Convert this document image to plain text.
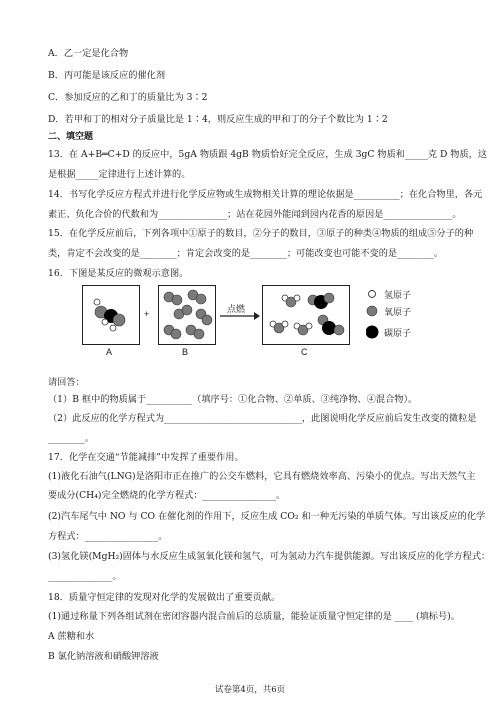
A．乙一定是化合物
B．丙可能是该反应的催化剂
C．参加反应的乙和丁的质量比为 3∶2
D．若甲和丁的相对分子质量比是 1∶4，则反应生成的甲和丁的分子个数比为 1∶2
二、填空题
13．在 A+B═C+D 的反应中，5gA 物质跟 4gB 物质恰好完全反应，生成 3gC 物质和_____克 D 物质，这
是根据_____定律进行上述计算的。
14．书写化学反应方程式并进行化学反应物或生成物相关计算的理论依据是__________；在化合物里，各元
素正、负化合价的代数和为_______________；站在花园外能闻到园内花香的原因是_______________。
15．在化学反应前后，下列各项中①原子的数目，②分子的数目，③原子的种类④物质的组成⑤分子的种
类，肯定不会改变的是________；肯定会改变的是________；可能改变也可能不变的是________。
16．下图是某反应的微观示意图。
请回答：
（1）B 框中的物质属于__________（填序号：①化合物、②单质、③纯净物、④混合物）。
（2）此反应的化学方程式为______________________________，此图说明化学反应前后发生改变的微粒是
________。
17．化学在交通“节能减排”中发挥了重要作用。
(1)液化石油气(LNG)是洛阳市正在推广的公交车燃料，它具有燃烧效率高、污染小的优点。写出天然气主
要成分(CH₄)完全燃烧的化学方程式：________________。
(2)汽车尾气中 NO 与 CO 在催化剂的作用下，反应生成 CO₂ 和一种无污染的单质气体。写出该反应的化学
方程式：________________。
(3)氢化镁(MgH₂)固体与水反应生成氢氧化镁和氢气，可为氢动力汽车提供能源。写出该反应的化学方程式：
______________。
18．质量守恒定律的发现对化学的发展做出了重要贡献。
(1)通过称量下列各组试剂在密闭容器内混合前后的总质量，能验证质量守恒定律的是 ____ (填标号)。
A 蔗糖和水
B 氯化钠溶液和硝酸钾溶液
A
+
B
点燃
C
氢原子
氧原子
碳原子
试卷第4页，共6页
